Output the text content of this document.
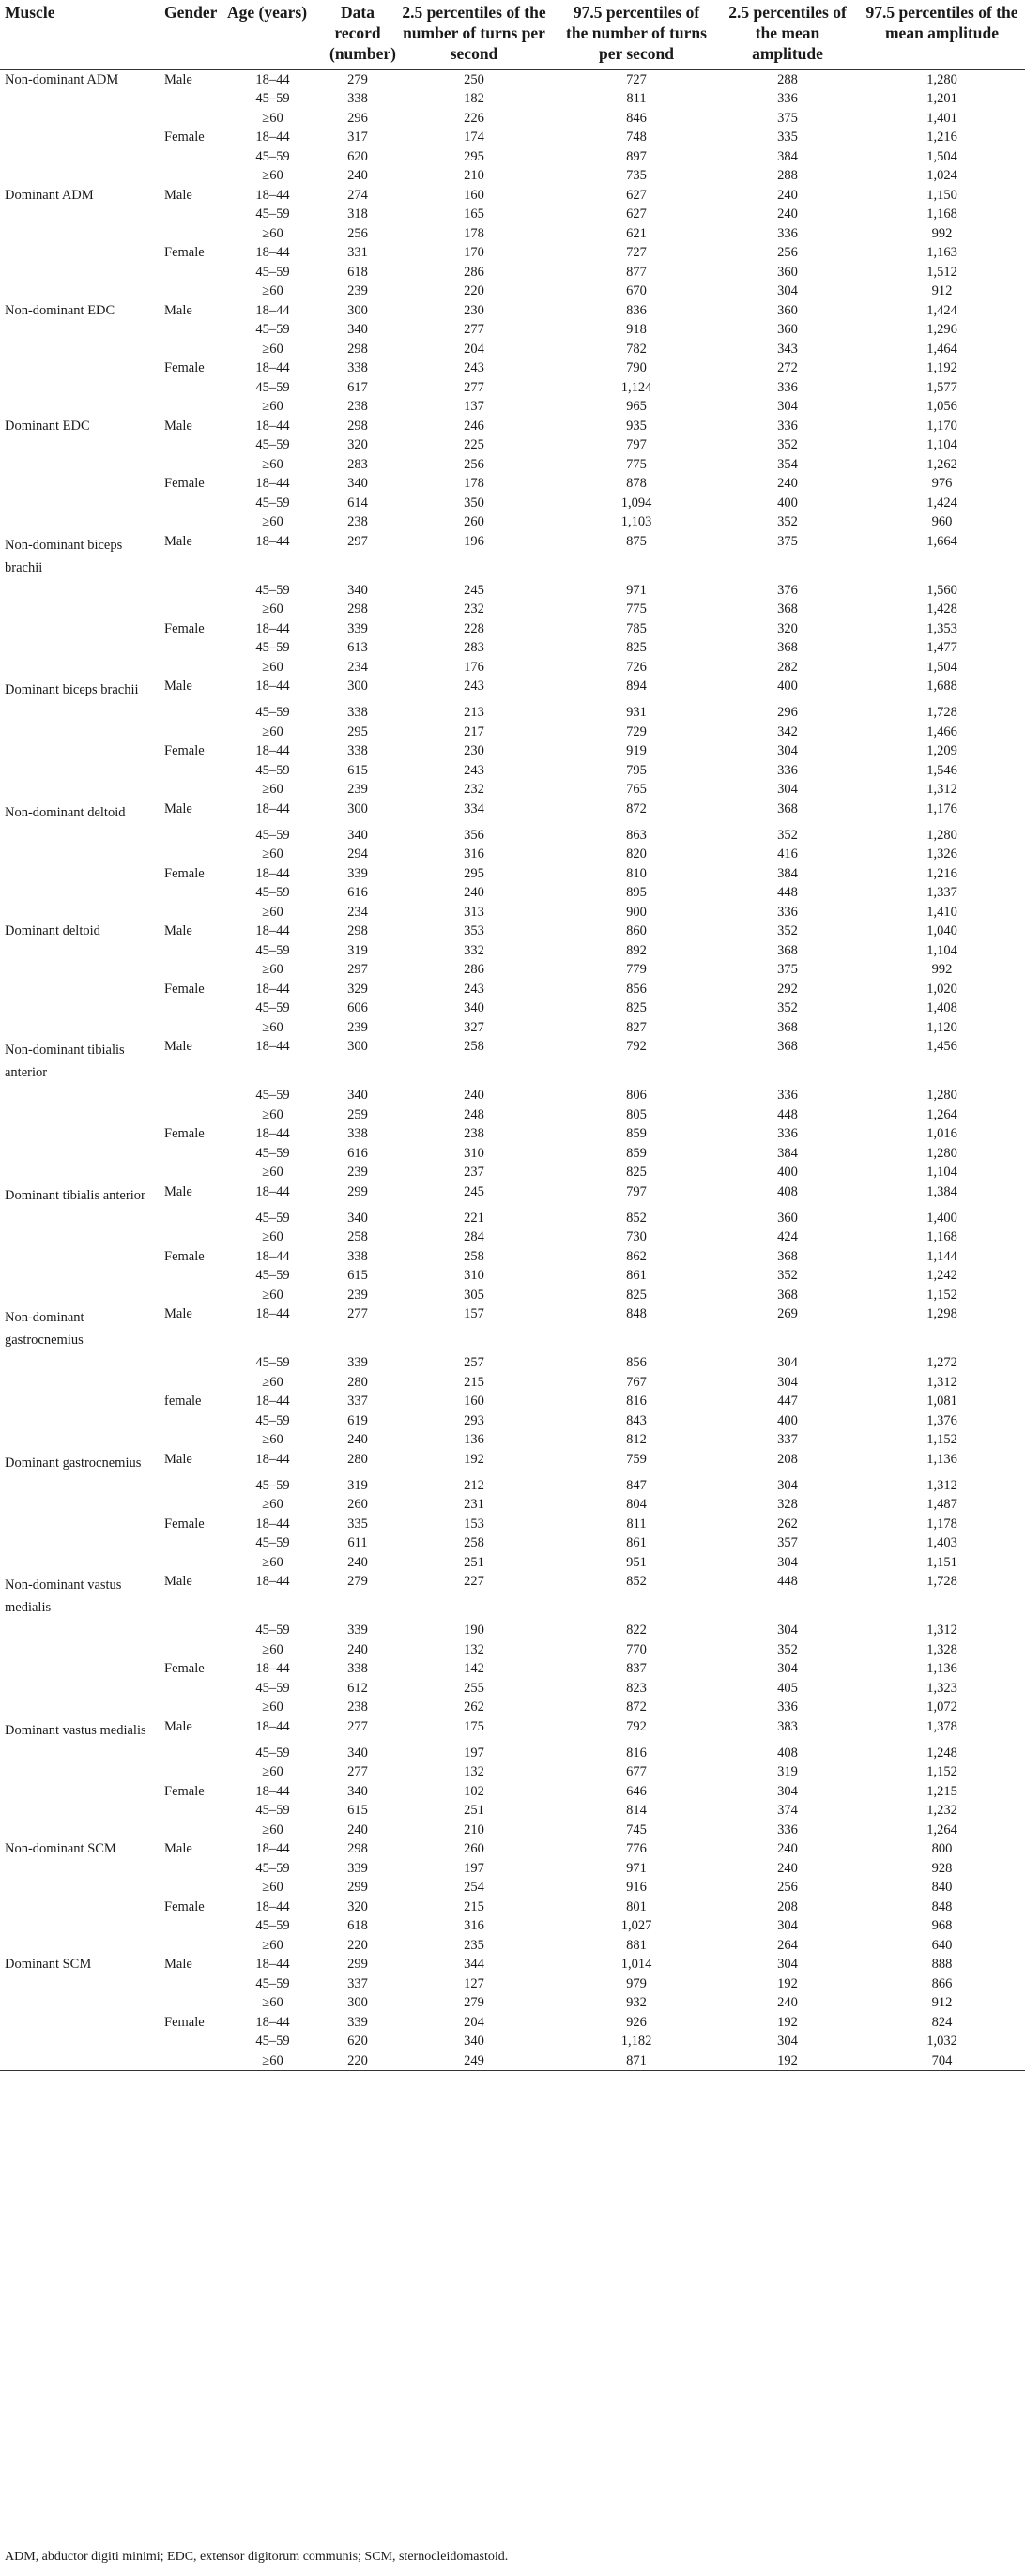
Muscle	Gender	Age (years)	Data record (number)	2.5 percentiles of the number of turns per second	97.5 percentiles of the number of turns per second	2.5 percentiles of the mean amplitude	97.5 percentiles of the mean amplitude
Non-dominant ADM	Male	18–44	279	250	727	288	1,280
		45–59	338	182	811	336	1,201
		≥60	296	226	846	375	1,401
	Female	18–44	317	174	748	335	1,216
		45–59	620	295	897	384	1,504
		≥60	240	210	735	288	1,024
Dominant ADM	Male	18–44	274	160	627	240	1,150
		45–59	318	165	627	240	1,168
		≥60	256	178	621	336	992
	Female	18–44	331	170	727	256	1,163
		45–59	618	286	877	360	1,512
		≥60	239	220	670	304	912
Non-dominant EDC	Male	18–44	300	230	836	360	1,424
		45–59	340	277	918	360	1,296
		≥60	298	204	782	343	1,464
	Female	18–44	338	243	790	272	1,192
		45–59	617	277	1,124	336	1,577
		≥60	238	137	965	304	1,056
Dominant EDC	Male	18–44	298	246	935	336	1,170
		45–59	320	225	797	352	1,104
		≥60	283	256	775	354	1,262
	Female	18–44	340	178	878	240	976
		45–59	614	350	1,094	400	1,424
		≥60	238	260	1,103	352	960

Non-dominant biceps brachii	Male	18–44	297	196	875	375	1,664
		45–59	340	245	971	376	1,560
		≥60	298	232	775	368	1,428
	Female	18–44	339	228	785	320	1,353
		45–59	613	283	825	368	1,477
		≥60	234	176	726	282	1,504

Dominant biceps brachii	Male	18–44	300	243	894	400	1,688
		45–59	338	213	931	296	1,728
		≥60	295	217	729	342	1,466
	Female	18–44	338	230	919	304	1,209
		45–59	615	243	795	336	1,546
		≥60	239	232	765	304	1,312

Non-dominant deltoid	Male	18–44	300	334	872	368	1,176
		45–59	340	356	863	352	1,280
		≥60	294	316	820	416	1,326
	Female	18–44	339	295	810	384	1,216
		45–59	616	240	895	448	1,337
		≥60	234	313	900	336	1,410
Dominant deltoid	Male	18–44	298	353	860	352	1,040
		45–59	319	332	892	368	1,104
		≥60	297	286	779	375	992
	Female	18–44	329	243	856	292	1,020
		45–59	606	340	825	352	1,408
		≥60	239	327	827	368	1,120

Non-dominant tibialis anterior	Male	18–44	300	258	792	368	1,456
		45–59	340	240	806	336	1,280
		≥60	259	248	805	448	1,264
	Female	18–44	338	238	859	336	1,016
		45–59	616	310	859	384	1,280
		≥60	239	237	825	400	1,104

Dominant tibialis anterior	Male	18–44	299	245	797	408	1,384
		45–59	340	221	852	360	1,400
		≥60	258	284	730	424	1,168
	Female	18–44	338	258	862	368	1,144
		45–59	615	310	861	352	1,242
		≥60	239	305	825	368	1,152

Non-dominant gastrocnemius	Male	18–44	277	157	848	269	1,298
		45–59	339	257	856	304	1,272
		≥60	280	215	767	304	1,312
	female	18–44	337	160	816	447	1,081
		45–59	619	293	843	400	1,376
		≥60	240	136	812	337	1,152

Dominant gastrocnemius	Male	18–44	280	192	759	208	1,136
		45–59	319	212	847	304	1,312
		≥60	260	231	804	328	1,487
	Female	18–44	335	153	811	262	1,178
		45–59	611	258	861	357	1,403
		≥60	240	251	951	304	1,151

Non-dominant vastus medialis	Male	18–44	279	227	852	448	1,728
		45–59	339	190	822	304	1,312
		≥60	240	132	770	352	1,328
	Female	18–44	338	142	837	304	1,136
		45–59	612	255	823	405	1,323
		≥60	238	262	872	336	1,072

Dominant vastus medialis	Male	18–44	277	175	792	383	1,378
		45–59	340	197	816	408	1,248
		≥60	277	132	677	319	1,152
	Female	18–44	340	102	646	304	1,215
		45–59	615	251	814	374	1,232
		≥60	240	210	745	336	1,264
Non-dominant SCM	Male	18–44	298	260	776	240	800
		45–59	339	197	971	240	928
		≥60	299	254	916	256	840
	Female	18–44	320	215	801	208	848
		45–59	618	316	1,027	304	968
		≥60	220	235	881	264	640
Dominant SCM	Male	18–44	299	344	1,014	304	888
		45–59	337	127	979	192	866
		≥60	300	279	932	240	912
	Female	18–44	339	204	926	192	824
		45–59	620	340	1,182	304	1,032
		≥60	220	249	871	192	704
ADM, abductor digiti minimi; EDC, extensor digitorum communis; SCM, sternocleidomastoid.
